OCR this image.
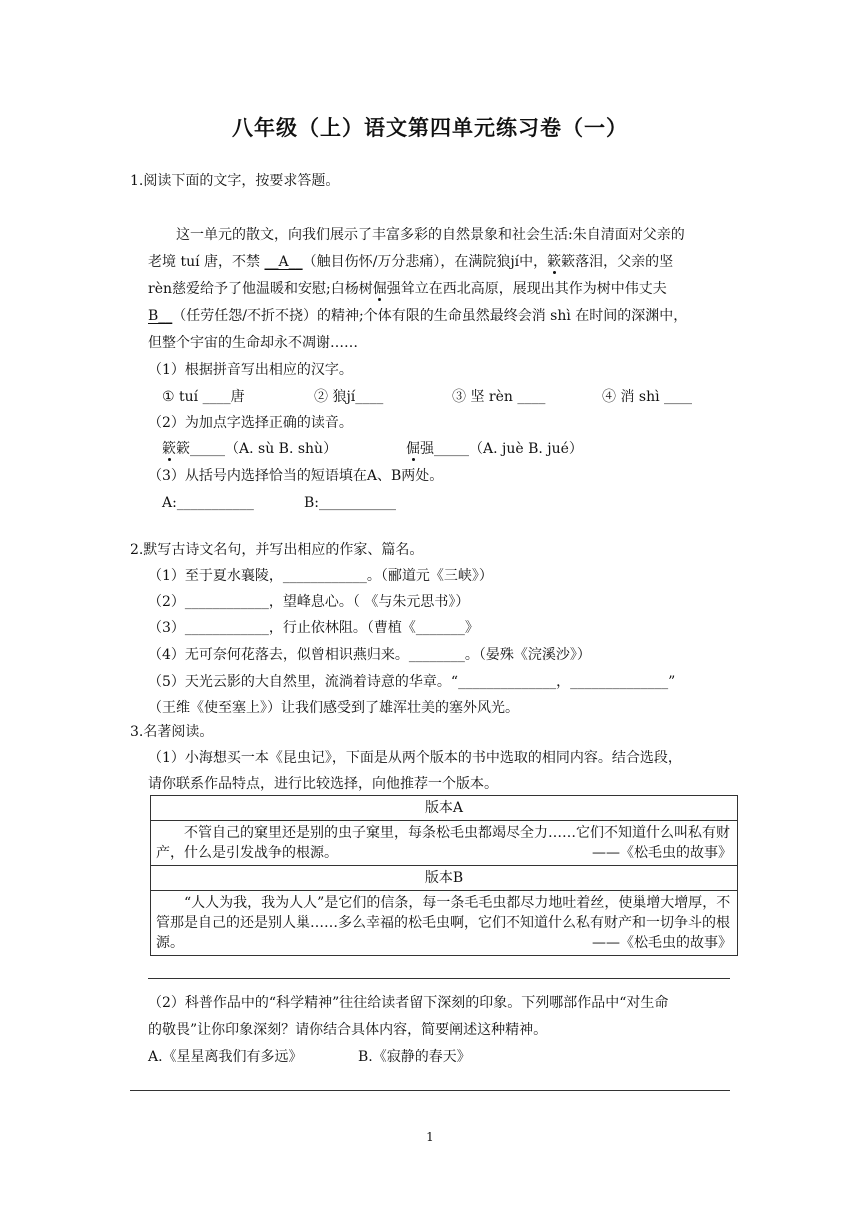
八年级（上）语文第四单元练习卷（一）
1.阅读下面的文字，按要求答题。
这一单元的散文，向我们展示了丰富多彩的自然景象和社会生活:朱自清面对父亲的
老境 tuí 唐，不禁 __A__（触目伤怀/万分悲痛），在满院狼jí中，簌簌落泪，父亲的坚
rèn慈爱给予了他温暖和安慰;白杨树倔强耸立在西北高原，展现出其作为树中伟丈夫
B__（任劳任怨/不折不挠）的精神;个体有限的生命虽然最终会消 shì 在时间的深渊中，
但整个宇宙的生命却永不凋谢……
（1）根据拼音写出相应的汉字。
① tuí ____唐	② 狼jí____	③ 坚 rèn ____	④ 消 shì ____
（2）为加点字选择正确的读音。
簌簌_____（A. sù B. shù）	倔强_____（A. juè B. jué）
（3）从括号内选择恰当的短语填在A、B两处。
A:___________	B:___________
2.默写古诗文名句，并写出相应的作家、篇名。
（1）至于夏水襄陵，____________。（郦道元《三峡》）
（2）____________，望峰息心。（ 《与朱元思书》）
（3）____________，行止依林阻。（曹植《_______》
（4）无可奈何花落去，似曾相识燕归来。________。（晏殊《浣溪沙》）
（5）天光云影的大自然里，流淌着诗意的华章。“______________，______________”
（王维《使至塞上》）让我们感受到了雄浑壮美的塞外风光。
3.名著阅读。
（1）小海想买一本《昆虫记》，下面是从两个版本的书中选取的相同内容。结合选段，
请你联系作品特点，进行比较选择，向他推荐一个版本。
版本A

不管自己的窠里还是别的虫子窠里，每条松毛虫都竭尽全力……它们不知道什么叫私有财产，什么是引发战争的根源。	——《松毛虫的故事》

版本B

“人人为我，我为人人”是它们的信条，每一条毛毛虫都尽力地吐着丝，使巢增大增厚，不管那是自己的还是别人巢……多么幸福的松毛虫啊，它们不知道什么私有财产和一切争斗的根源。	——《松毛虫的故事》
（2）科普作品中的“科学精神”往往给读者留下深刻的印象。下列哪部作品中“对生命
的敬畏”让你印象深刻？请你结合具体内容，简要阐述这种精神。
A.《星星离我们有多远》	B.《寂静的春天》
1
